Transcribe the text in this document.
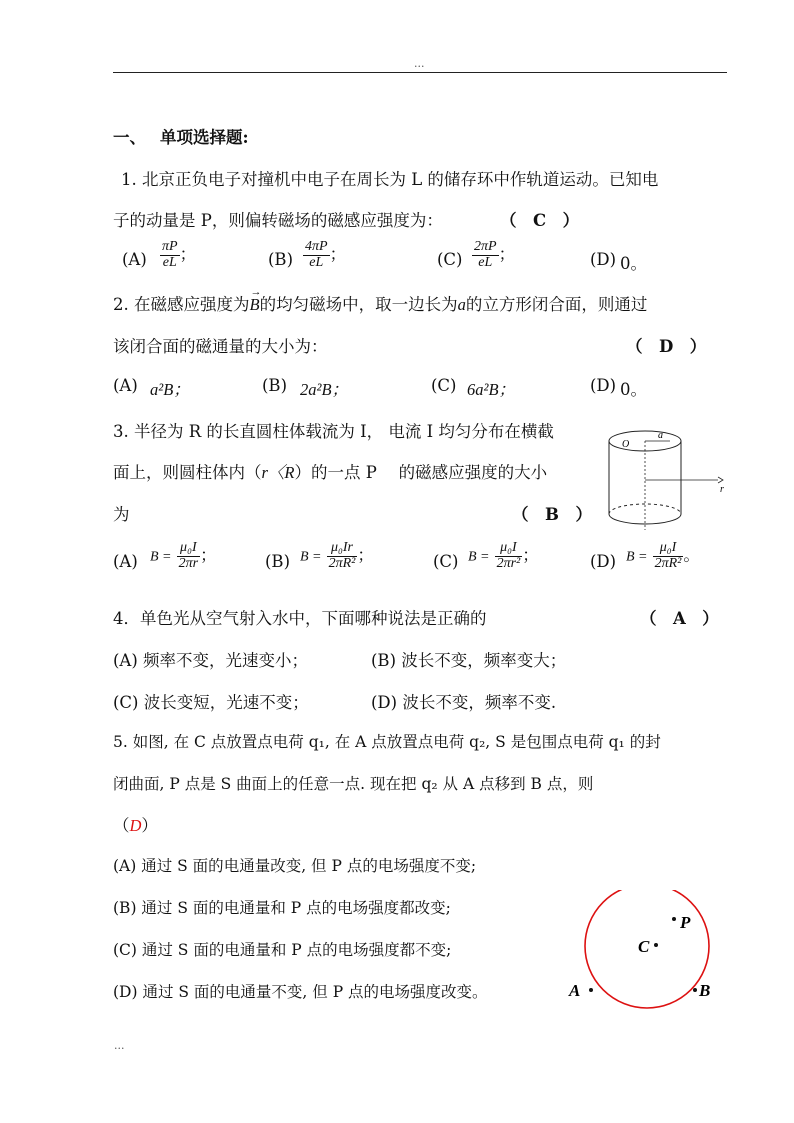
···
一、 单项选择题:
1. 北京正负电子对撞机中电子在周长为 L 的储存环中作轨道运动。已知电
子的动量是 P，则偏转磁场的磁感应强度为：	（　C　）
$(A) \frac{\pi P}{eL}$ ；	$(B) \frac{4\pi P}{eL}$ ；	$(C) \frac{2\pi P}{eL}$ ；	(D) 0。
2. 在磁感应强度为
→
B的均匀磁场中，取一边长为a的立方形闭合面，则通过
该闭合面的磁通量的大小为：	（　D　）
(A) a²B；	(B) 2a²B；	(C) 6a²B；	(D) 0。
3. 半径为 R 的长直圆柱体载流为 I， 电流 I 均匀分布在横截
面上，则圆柱体内（r〈R）的一点 P　 的磁感应强度的大小
为	（　B　）
O
a
r
(A) $B = \frac{\text{μ₀I}}{2\pi r}$ ；	(B) $B = \frac{\text{μ₀Ir}}{\text{2πR²}}$ ；	(C) $B = \frac{\text{μ₀I}}{\text{2πr²}}$ ；	(D) $B = \frac{\text{μ₀I}}{\text{2πR²}}$ 。
4．单色光从空气射入水中，下面哪种说法是正确的	（　A　）
(A) 频率不变，光速变小；	(B) 波长不变，频率变大；
(C) 波长变短，光速不变；	(D) 波长不变，频率不变.
5. 如图, 在 C 点放置点电荷 q₁, 在 A 点放置点电荷 q₂, S 是包围点电荷 q₁ 的封
闭曲面, P 点是 S 曲面上的任意一点. 现在把 q₂ 从 A 点移到 B 点，则
（D）
(A) 通过 S 面的电通量改变, 但 P 点的电场强度不变;
(B) 通过 S 面的电通量和 P 点的电场强度都改变;
(C) 通过 S 面的电通量和 P 点的电场强度都不变;
(D) 通过 S 面的电通量不变, 但 P 点的电场强度改变。
P
C
A	B
···
